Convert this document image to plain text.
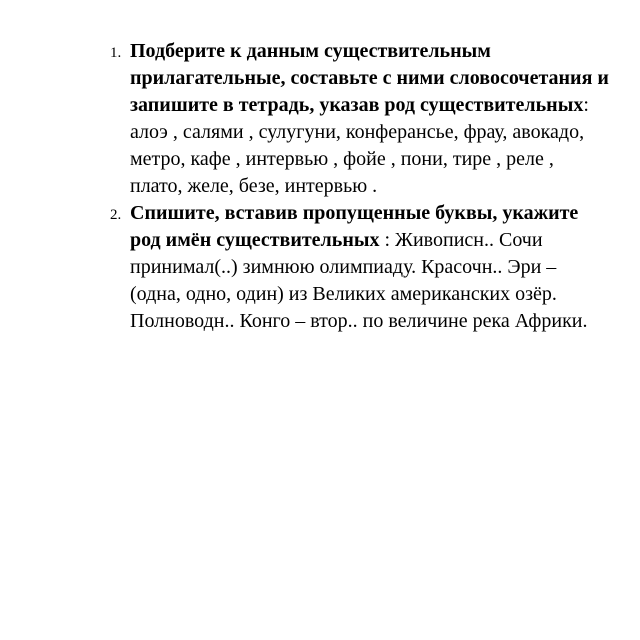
1. Подберите к данным существительным прилагательные, составьте с ними словосочетания и запишите в тетрадь, указав род существительных: алоэ , салями , сулугуни, конферансье, фрау, авокадо, метро, кафе , интервью , фойе , пони, тире , реле , плато, желе, безе, интервью .
2. Спишите, вставив пропущенные буквы, укажите род имён существительных : Живописн.. Сочи принимал(..) зимнюю олимпиаду. Красочн.. Эри – (одна, одно, один) из Великих американских озёр. Полноводн.. Конго – втор.. по величине река Африки.
